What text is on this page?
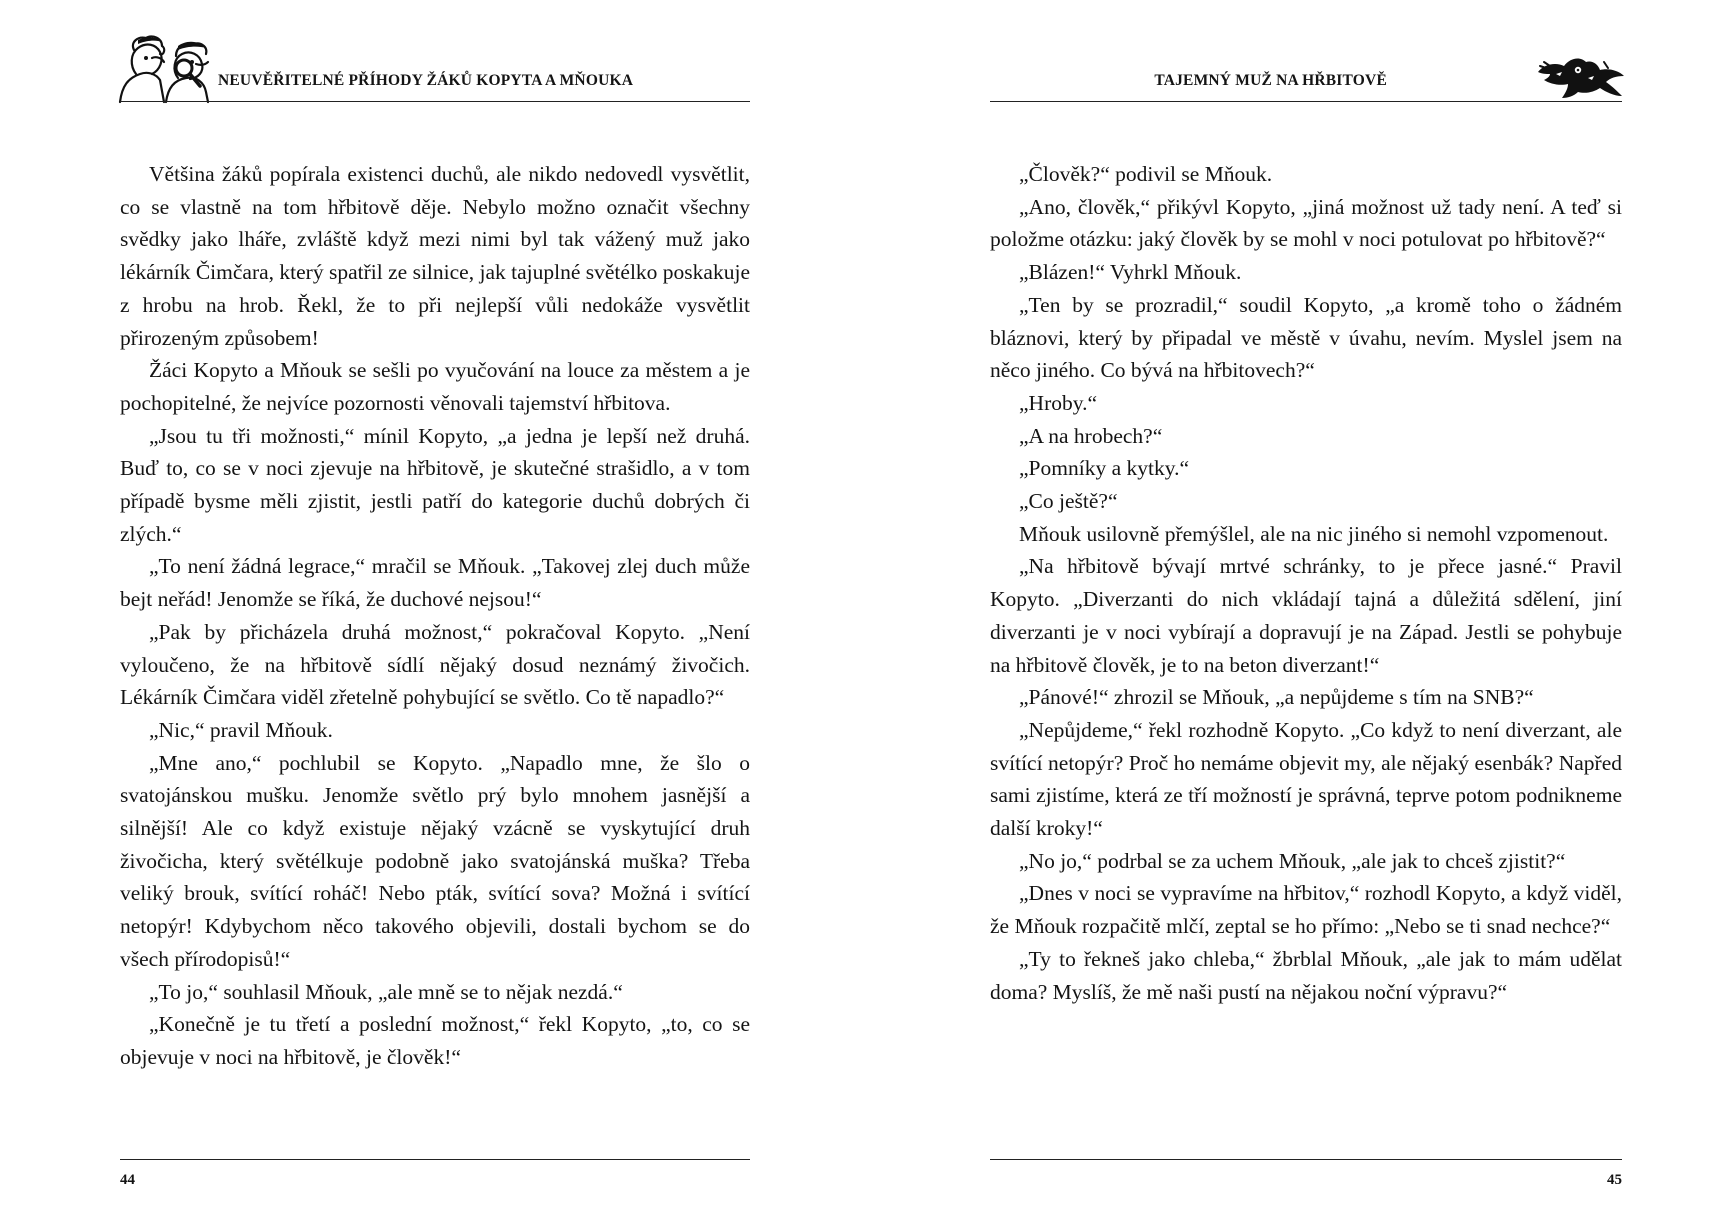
NEUVĚŘITELNÉ PŘÍHODY ŽÁKŮ KOPYTA A MŇOUKA

Většina žáků popírala existenci duchů, ale nikdo nedovedl vysvětlit, co se vlastně na tom hřbitově děje. Nebylo možno označit všechny svědky jako lháře, zvláště když mezi nimi byl tak vážený muž jako lékárník Čimčara, který spatřil ze silnice, jak tajuplné světélko poskakuje z hrobu na hrob. Řekl, že to při nejlepší vůli nedokáže vysvětlit přirozeným způsobem!

Žáci Kopyto a Mňouk se sešli po vyučování na louce za městem a je pochopitelné, že nejvíce pozornosti věnovali tajemství hřbitova.

„Jsou tu tři možnosti,“ mínil Kopyto, „a jedna je lepší než druhá. Buď to, co se v noci zjevuje na hřbitově, je skutečné strašidlo, a v tom případě bysme měli zjistit, jestli patří do kategorie duchů dobrých či zlých.“

„To není žádná legrace,“ mračil se Mňouk. „Takovej zlej duch může bejt neřád! Jenomže se říká, že duchové nejsou!“

„Pak by přicházela druhá možnost,“ pokračoval Kopyto. „Není vyloučeno, že na hřbitově sídlí nějaký dosud neznámý živočich. Lékárník Čimčara viděl zřetelně pohybující se světlo. Co tě napadlo?“

„Nic,“ pravil Mňouk.

„Mne ano,“ pochlubil se Kopyto. „Napadlo mne, že šlo o svatojánskou mušku. Jenomže světlo prý bylo mnohem jasnější a silnější! Ale co když existuje nějaký vzácně se vyskytující druh živočicha, který světélkuje podobně jako svatojánská muška? Třeba veliký brouk, svítící roháč! Nebo pták, svítící sova? Možná i svítící netopýr! Kdybychom něco takového objevili, dostali bychom se do všech přírodopisů!“

„To jo,“ souhlasil Mňouk, „ale mně se to nějak nezdá.“

„Konečně je tu třetí a poslední možnost,“ řekl Kopyto, „to, co se objevuje v noci na hřbitově, je člověk!“

44
TAJEMNÝ MUŽ NA HŘBITOVĚ

„Člověk?“ podivil se Mňouk.

„Ano, člověk,“ přikývl Kopyto, „jiná možnost už tady není. A teď si položme otázku: jaký člověk by se mohl v noci potulovat po hřbitově?“

„Blázen!“ Vyhrkl Mňouk.

„Ten by se prozradil,“ soudil Kopyto, „a kromě toho o žádném bláznovi, který by připadal ve městě v úvahu, nevím. Myslel jsem na něco jiného. Co bývá na hřbitovech?“

„Hroby.“

„A na hrobech?“

„Pomníky a kytky.“

„Co ještě?“

Mňouk usilovně přemýšlel, ale na nic jiného si nemohl vzpomenout.

„Na hřbitově bývají mrtvé schránky, to je přece jasné.“ Pravil Kopyto. „Diverzanti do nich vkládají tajná a důležitá sdělení, jiní diverzanti je v noci vybírají a dopravují je na Západ. Jestli se pohybuje na hřbitově člověk, je to na beton diverzant!“

„Pánové!“ zhrozil se Mňouk, „a nepůjdeme s tím na SNB?“

„Nepůjdeme,“ řekl rozhodně Kopyto. „Co když to není diverzant, ale svítící netopýr? Proč ho nemáme objevit my, ale nějaký esenbák? Napřed sami zjistíme, která ze tří možností je správná, teprve potom podnikneme další kroky!“

„No jo,“ podrbal se za uchem Mňouk, „ale jak to chceš zjistit?“

„Dnes v noci se vypravíme na hřbitov,“ rozhodl Kopyto, a když viděl, že Mňouk rozpačitě mlčí, zeptal se ho přímo: „Nebo se ti snad nechce?“

„Ty to řekneš jako chleba,“ žbrblal Mňouk, „ale jak to mám udělat doma? Myslíš, že mě naši pustí na nějakou noční výpravu?“

45
